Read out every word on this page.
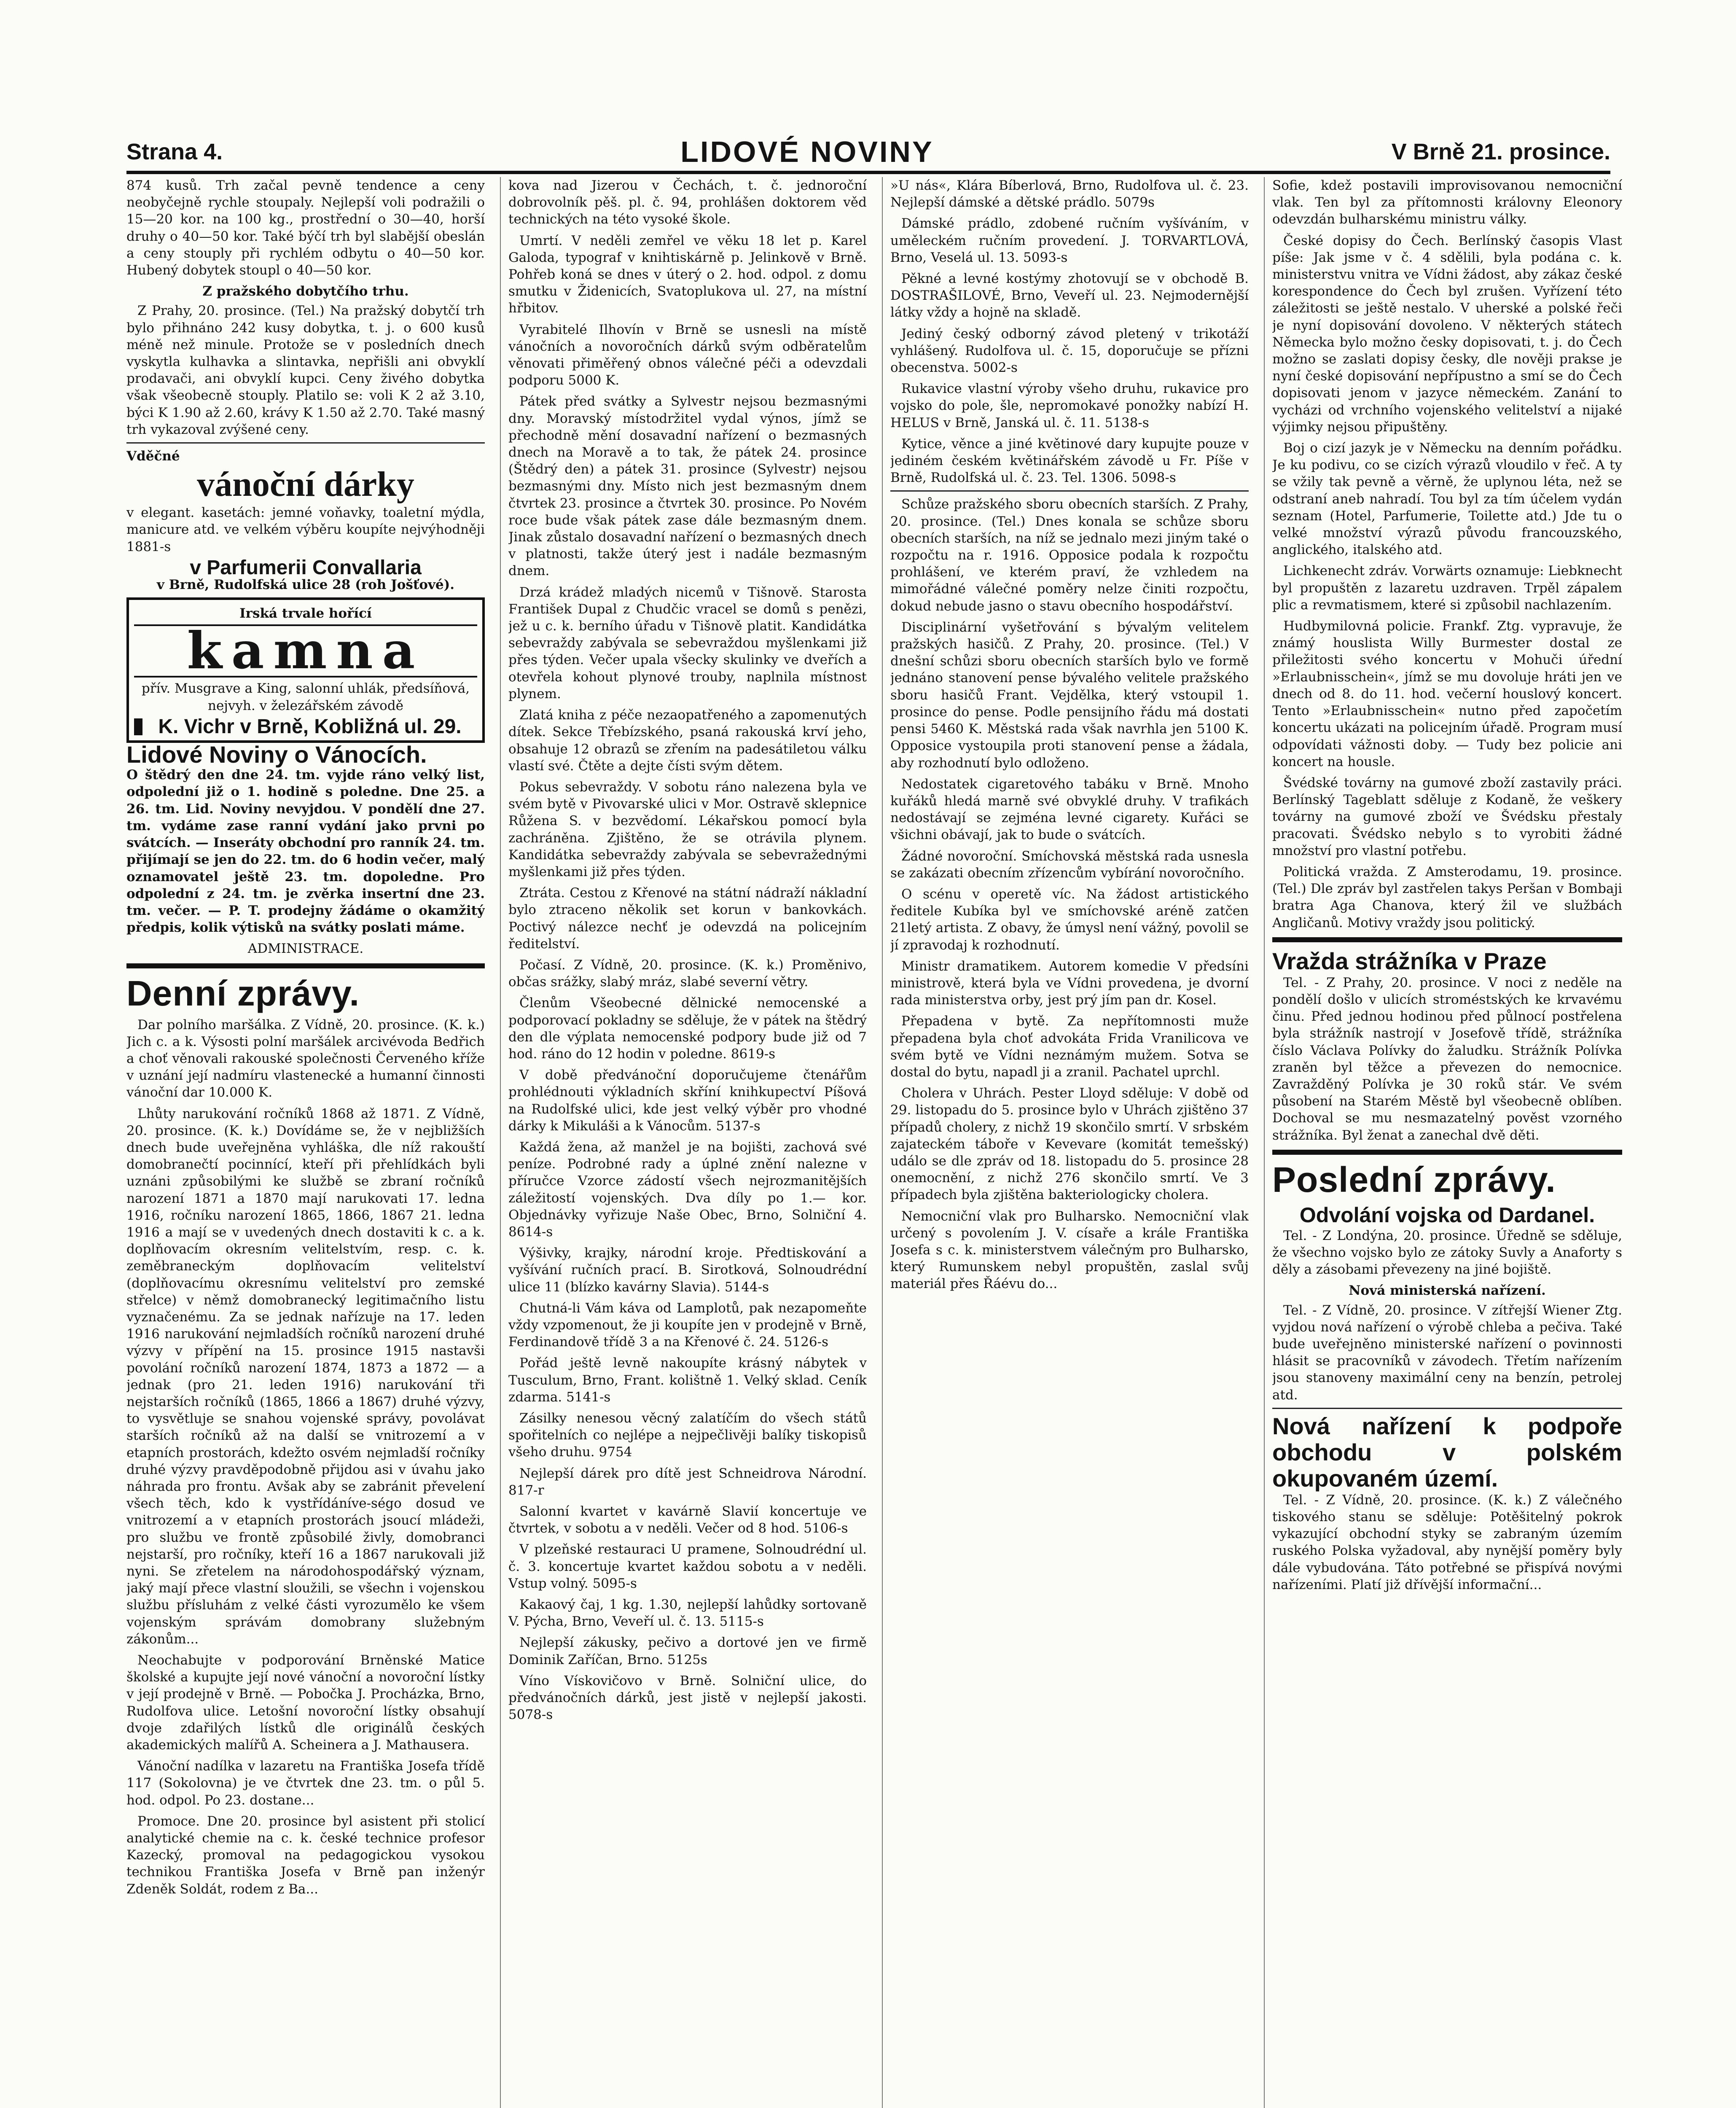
Strana 4.	LIDOVÉ NOVINY	V Brně 21. prosince.

874 kusů. Trh začal pevně tendence a ceny neobyčejně rychle stoupaly. Nejlepší voli podražili o 15—20 kor. na 100 kg., prostřední o 30—40, horší druhy o 40—50 kor. Také býčí trh byl slabější obeslán a ceny stouply při rychlém odbytu o 40—50 kor. Hubený dobytek stoupl o 40—50 kor.

Z pražského dobytčího trhu.

Z Prahy, 20. prosince. (Tel.) Na pražský dobytčí trh bylo přihnáno 242 kusy dobytka, t. j. o 600 kusů méně než minule. Protože se v posledních dnech vyskytla kulhavka a slintavka, nepřišli ani obvyklí prodavači, ani obvyklí kupci. Ceny živého dobytka však všeobecně stouply. Platilo se: voli K 2 až 3.10, býci K 1.90 až 2.60, krávy K 1.50 až 2.70. Také masný trh vykazoval zvýšené ceny.

Vděčné
vánoční dárky

v elegant. kasetách: jemné voňavky, toaletní mýdla, manicure atd. ve velkém výběru koupíte nejvýhodněji 1881-s

v Parfumerii Convallaria

v Brně, Rudolfská ulice 28 (roh Jošťové).

Irská trvale hořící
kamna

přív. Musgrave a King, salonní uhlák, předsíňová, nejvyh. v železářském závodě

K. Vichr v Brně, Kobližná ul. 29.
Lidové Noviny o Vánocích.

O štědrý den dne 24. tm. vyjde ráno velký list, odpolední již o 1. hodině s poledne. Dne 25. a 26. tm. Lid. Noviny nevyjdou. V pondělí dne 27. tm. vydáme zase ranní vydání jako prvni po svátcích. — Inseráty obchodní pro ranník 24. tm. přijímají se jen do 22. tm. do 6 hodin večer, malý oznamovatel ještě 23. tm. dopoledne. Pro odpolední z 24. tm. je zvěrka insertní dne 23. tm. večer. — P. T. prodejny žádáme o okamžitý předpis, kolik výtisků na svátky poslati máme.

ADMINISTRACE.

Denní zprávy.

Dar polního maršálka. Z Vídně, 20. prosince. (K. k.) Jich c. a k. Výsosti polní maršálek arcivévoda Bedřich a choť věnovali rakouské společnosti Červeného kříže v uznání její nadmíru vlastenecké a humanní činnosti vánoční dar 10.000 K.

Lhůty narukování ročníků 1868 až 1871. Z Vídně, 20. prosince. (K. k.) Dovídáme se, že v nejbližších dnech bude uveřejněna vyhláška, dle níž rakouští domobranečtí pocinnící, kteří při přehlídkách byli uznáni způsobilými ke službě se zbraní ročníků narození 1871 a 1870 mají narukovati 17. ledna 1916, ročníku narození 1865, 1866, 1867 21. ledna 1916 a mají se v uvedených dnech dostaviti k c. a k. doplňovacím okresním velitelstvím, resp. c. k. zeměbraneckým doplňovacím velitelství (doplňovacímu okresnímu velitelství pro zemské střelce) v němž domobranecký legitimačního listu vyznačenému. Za se jednak nařízuje na 17. leden 1916 narukování nejmladších ročníků narození druhé výzvy v přípění na 15. prosince 1915 nastavši povolání ročníků narození 1874, 1873 a 1872 — a jednak (pro 21. leden 1916) narukování tři nejstarších ročníků (1865, 1866 a 1867) druhé výzvy, to vysvětluje se snahou vojenské správy, povolávat starších ročníků až na další se vnitrozemí a v etapních prostorách, kdežto osvém nejmladší ročníky druhé výzvy pravděpodobně přijdou asi v úvahu jako náhrada pro frontu. Avšak aby se zabránit převelení všech těch, kdo k vystřídáníve-ségo dosud ve vnitrozemí a v etapních prostorách jsoucí mládeži, pro službu ve frontě způsobilé živly, domobranci nejstarší, pro ročníky, kteří 16 a 1867 narukovali již nyni. Se zřetelem na národohospodářský význam, jaký mají přece vlastní sloužili, se všechn i vojenskou službu přísluhám z velké části vyrozumělo ke všem vojenským správám domobrany služebným zákonům...

Neochabujte v podporování Brněnské Matice školské a kupujte její nové vánoční a novoroční lístky v její prodejně v Brně. — Pobočka J. Procházka, Brno, Rudolfova ulice. Letošní novoroční lístky obsahují dvoje zdařilých lístků dle originálů českých akademických malířů A. Scheinera a J. Mathausera.

Vánoční nadílka v lazaretu na Františka Josefa třídě 117 (Sokolovna) je ve čtvrtek dne 23. tm. o půl 5. hod. odpol. Po 23. dostane...

Promoce. Dne 20. prosince byl asistent při stolicí analytické chemie na c. k. české technice profesor Kazecký, promoval na pedagogickou vysokou technikou Františka Josefa v Brně pan inženýr Zdeněk Soldát, rodem z Ba...

kova nad Jizerou v Čechách, t. č. jednoroční dobrovolník pěš. pl. č. 94, prohlášen doktorem věd technických na této vysoké škole.

Umrtí. V neděli zemřel ve věku 18 let p. Karel Galoda, typograf v knihtiskárně p. Jelinkově v Brně. Pohřeb koná se dnes v úterý o 2. hod. odpol. z domu smutku v Židenicích, Svatoplukova ul. 27, na místní hřbitov.

Vyrabitelé Ilhovín v Brně se usnesli na místě vánočních a novoročních dárků svým odběratelům věnovati přiměřený obnos válečné péči a odevzdali podporu 5000 K.

Pátek před svátky a Sylvestr nejsou bezmasnými dny. Moravský místodržitel vydal výnos, jímž se přechodně mění dosavadní nařízení o bezmasných dnech na Moravě a to tak, že pátek 24. prosince (Štědrý den) a pátek 31. prosince (Sylvestr) nejsou bezmasnými dny. Místo nich jest bezmasným dnem čtvrtek 23. prosince a čtvrtek 30. prosince. Po Novém roce bude však pátek zase dále bezmasným dnem. Jinak zůstalo dosavadní nařízení o bezmasných dnech v platnosti, takže úterý jest i nadále bezmasným dnem.

Drzá krádež mladých nicemů v Tišnově. Starosta František Dupal z Chudčic vracel se domů s penězi, jež u c. k. berního úřadu v Tišnově platit. Kandidátka sebevraždy zabývala se sebevraždou myšlenkami již přes týden. Večer upala všecky skulinky ve dveřích a otevřela kohout plynové trouby, naplnila místnost plynem.

Zlatá kniha z péče nezaopatřeného a zapomenutých dítek. Sekce Třebízského, psaná rakouská krví jeho, obsahuje 12 obrazů se zřením na padesátiletou válku vlastí své. Čtěte a dejte čísti svým dětem.

Pokus sebevraždy. V sobotu ráno nalezena byla ve svém bytě v Pivovarské ulici v Mor. Ostravě sklepnice Růžena S. v bezvědomí. Lékařskou pomocí byla zachráněna. Zjištěno, že se otrávila plynem. Kandidátka sebevraždy zabývala se sebevražednými myšlenkami již přes týden.

Ztráta. Cestou z Křenové na státní nádraží nákladní bylo ztraceno několik set korun v bankovkách. Poctivý nálezce nechť je odevzdá na policejním ředitelství.

Počasí. Z Vídně, 20. prosince. (K. k.) Proměnivo, občas srážky, slabý mráz, slabé severní větry.

Členům Všeobecné dělnické nemocenské a podporovací pokladny se sděluje, že v pátek na štědrý den dle výplata nemocenské podpory bude již od 7 hod. ráno do 12 hodin v poledne. 8619-s

V době předvánoční doporučujeme čtenářům prohlédnouti výkladních skříní knihkupectví Píšová na Rudolfské ulici, kde jest velký výběr pro vhodné dárky k Mikuláši a k Vánocům. 5137-s

Každá žena, až manžel je na bojišti, zachová své peníze. Podrobné rady a úplné znění nalezne v příručce Vzorce zádostí všech nejrozmanitějších záležitostí vojenských. Dva díly po 1.— kor. Objednávky vyřizuje Naše Obec, Brno, Solniční 4. 8614-s

Výšivky, krajky, národní kroje. Předtiskování a vyšívání ručních prací. B. Sirotková, Solnoudrédní ulice 11 (blízko kavárny Slavia). 5144-s

Chutná-li Vám káva od Lamplotů, pak nezapomeňte vždy vzpomenout, že ji koupíte jen v prodejně v Brně, Ferdinandově třídě 3 a na Křenové č. 24. 5126-s

Pořád ještě levně nakoupíte krásný nábytek v Tusculum, Brno, Frant. kolištně 1. Velký sklad. Ceník zdarma. 5141-s

Zásilky nenesou věcný zalatíčím do všech států spořitelních co nejlépe a nejpečlivěji balíky tiskopisů všeho druhu. 9754

Nejlepší dárek pro dítě jest Schneidrova Národní. 817-r

Salonní kvartet v kavárně Slavií koncertuje ve čtvrtek, v sobotu a v neděli. Večer od 8 hod. 5106-s

V plzeňské restauraci U pramene, Solnoudrédní ul. č. 3. koncertuje kvartet každou sobotu a v neděli. Vstup volný. 5095-s

Kakaový čaj, 1 kg. 1.30, nejlepší lahůdky sortovaně V. Pýcha, Brno, Veveří ul. č. 13. 5115-s

Nejlepší zákusky, pečivo a dortové jen ve firmě Dominik Zaříčan, Brno. 5125s

Víno Vískovičovo v Brně. Solniční ulice, do předvánočních dárků, jest jistě v nejlepší jakosti. 5078-s

»U nás«, Klára Bíberlová, Brno, Rudolfova ul. č. 23. Nejlepší dámské a dětské prádlo. 5079s

Dámské prádlo, zdobené ručním vyšíváním, v uměleckém ručním provedení. J. TORVARTLOVÁ, Brno, Veselá ul. 13. 5093-s

Pěkné a levné kostýmy zhotovují se v obchodě B. DOSTRAŠILOVÉ, Brno, Veveří ul. 23. Nejmodernější látky vždy a hojně na skladě.

Jediný český odborný závod pletený v trikotáží vyhlášený. Rudolfova ul. č. 15, doporučuje se přízni obecenstva. 5002-s

Rukavice vlastní výroby všeho druhu, rukavice pro vojsko do pole, šle, nepromokavé ponožky nabízí H. HELUS v Brně, Janská ul. č. 11. 5138-s

Kytice, věnce a jiné květinové dary kupujte pouze v jediném českém květinářském závodě u Fr. Píše v Brně, Rudolfská ul. č. 23. Tel. 1306. 5098-s

Schůze pražského sboru obecních starších. Z Prahy, 20. prosince. (Tel.) Dnes konala se schůze sboru obecních starších, na níž se jednalo mezi jiným také o rozpočtu na r. 1916. Opposice podala k rozpočtu prohlášení, ve kterém praví, že vzhledem na mimořádné válečné poměry nelze činiti rozpočtu, dokud nebude jasno o stavu obecního hospodářství.

Disciplinární vyšetřování s bývalým velitelem pražských hasičů. Z Prahy, 20. prosince. (Tel.) V dnešní schůzi sboru obecních starších bylo ve formě jednáno stanovení pense bývalého velitele pražského sboru hasičů Frant. Vejdělka, který vstoupil 1. prosince do pense. Podle pensijního řádu má dostati pensi 5460 K. Městská rada však navrhla jen 5100 K. Opposice vystoupila proti stanovení pense a žádala, aby rozhodnutí bylo odloženo.

Nedostatek cigaretového tabáku v Brně. Mnoho kuřáků hledá marně své obvyklé druhy. V trafikách nedostávají se zejména levné cigarety. Kuřáci se všichni obávají, jak to bude o svátcích.

Žádné novoroční. Smíchovská městská rada usnesla se zakázati obecním zřízencům vybírání novoročního.

O scénu v operetě víc. Na žádost artistického ředitele Kubíka byl ve smíchovské aréně zatčen 21letý artista. Z obavy, že úmysl není vážný, povolil se jí zpravodaj k rozhodnutí.

Ministr dramatikem. Autorem komedie V předsíni ministrově, která byla ve Vídni provedena, je dvorní rada ministerstva orby, jest prý jím pan dr. Kosel.

Přepadena v bytě. Za nepřítomnosti muže přepadena byla choť advokáta Frida Vranilicova ve svém bytě ve Vídni neznámým mužem. Sotva se dostal do bytu, napadl ji a zranil. Pachatel uprchl.

Cholera v Uhrách. Pester Lloyd sděluje: V době od 29. listopadu do 5. prosince bylo v Uhrách zjištěno 37 případů cholery, z nichž 19 skončilo smrtí. V srbském zajateckém táboře v Kevevare (komitát temešský) událo se dle zpráv od 18. listopadu do 5. prosince 28 onemocnění, z nichž 276 skončilo smrtí. Ve 3 případech byla zjištěna bakteriologicky cholera.

Nemocniční vlak pro Bulharsko. Nemocniční vlak určený s povolením J. V. císaře a krále Františka Josefa s c. k. ministerstvem válečným pro Bulharsko, který Rumunskem nebyl propuštěn, zaslal svůj materiál přes Řáévu do...

Sofie, kdež postavili improvisovanou nemocniční vlak. Ten byl za přítomnosti královny Eleonory odevzdán bulharskému ministru války.

České dopisy do Čech. Berlínský časopis Vlast píše: Jak jsme v č. 4 sdělili, byla podána c. k. ministerstvu vnitra ve Vídni žádost, aby zákaz české korespondence do Čech byl zrušen. Vyřízení této záležitosti se ještě nestalo. V uherské a polské řeči je nyní dopisování dovoleno. V některých státech Německa bylo možno česky dopisovati, t. j. do Čech možno se zaslati dopisy česky, dle nověji prakse je nyní české dopisování nepřípustno a smí se do Čech dopisovati jenom v jazyce německém. Zanání to vycházi od vrchního vojenského velitelství a nijaké výjimky nejsou připuštěny.

Boj o cizí jazyk je v Německu na denním pořádku. Je ku podivu, co se cizích výrazů vloudilo v řeč. A ty se vžily tak pevně a věrně, že uplynou léta, než se odstraní aneb nahradí. Tou byl za tím účelem vydán seznam (Hotel, Parfumerie, Toilette atd.) Jde tu o velké množství výrazů původu francouzského, anglického, italského atd.

Lichkenecht zdráv. Vorwärts oznamuje: Liebknecht byl propuštěn z lazaretu uzdraven. Trpěl zápalem plic a revmatismem, které si způsobil nachlazením.

Hudbymilovná policie. Frankf. Ztg. vypravuje, že známý houslista Willy Burmester dostal ze přiležitosti svého koncertu v Mohuči úřední »Erlaubnisschein«, jímž se mu dovoluje hráti jen ve dnech od 8. do 11. hod. večerní houslový koncert. Tento »Erlaubnisschein« nutno před započetím koncertu ukázati na policejním úřadě. Program musí odpovídati vážnosti doby. — Tudy bez policie ani koncert na housle.

Švédské továrny na gumové zboží zastavily práci. Berlínský Tageblatt sděluje z Kodaně, že veškery továrny na gumové zboží ve Švédsku přestaly pracovati. Švédsko nebylo s to vyrobiti žádné množství pro vlastní potřebu.

Politická vražda. Z Amsterodamu, 19. prosince. (Tel.) Dle zpráv byl zastřelen takys Peršan v Bombaji bratra Aga Chanova, který žil ve službách Angličanů. Motivy vraždy jsou politický.

Vražda strážníka v Praze

Tel. - Z Prahy, 20. prosince. V noci z neděle na pondělí došlo v ulicích stroméstských ke krvavému činu. Před jednou hodinou před půlnocí postřelena byla strážník nastrojí v Josefově třídě, strážníka číslo Václava Polívky do žaludku. Strážník Polívka zraněn byl těžce a převezen do nemocnice. Zavražděný Polívka je 30 roků stár. Ve svém působení na Starém Městě byl všeobecně oblíben. Dochoval se mu nesmazatelný pověst vzorného strážníka. Byl ženat a zanechal dvě děti.

Poslední zprávy.
Odvolání vojska od Dardanel.

Tel. - Z Londýna, 20. prosince. Úředně se sděluje, že všechno vojsko bylo ze zátoky Suvly a Anaforty s děly a zásobami převezeny na jiné bojiště.

Nová ministerská nařízení.

Tel. - Z Vídně, 20. prosince. V zítřejší Wiener Ztg. vyjdou nová nařízení o výrobě chleba a pečiva. Také bude uveřejněno ministerské nařízení o povinnosti hlásit se pracovníků v závodech. Třetím nařízením jsou stanoveny maximální ceny na benzín, petrolej atd.

Nová nařízení k podpoře obchodu v polském okupovaném území.

Tel. - Z Vídně, 20. prosince. (K. k.) Z válečného tiskového stanu se sděluje: Potěšitelný pokrok vykazující obchodní styky se zabraným územím ruského Polska vyžadoval, aby nynější poměry byly dále vybudována. Táto potřebné se přispívá novými nařízeními. Platí již dřívější informační...
